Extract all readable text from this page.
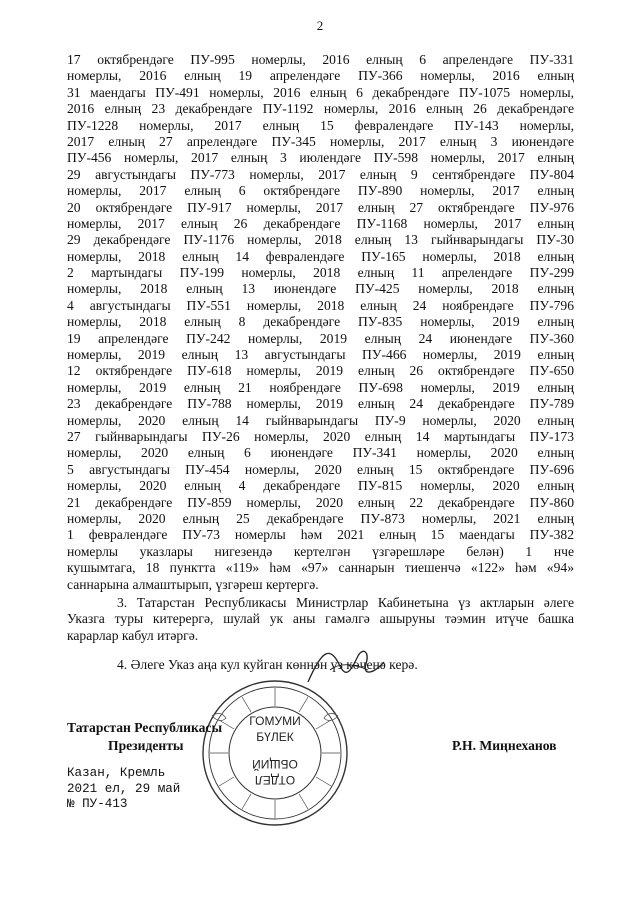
2
17 октябрендәге ПУ-995 номерлы, 2016 елның 6 апрелендәге ПУ-331
номерлы, 2016 елның 19 апрелендәге ПУ-366 номерлы, 2016 елның
31 маендагы ПУ-491 номерлы, 2016 елның 6 декабрендәге ПУ-1075 номерлы,
2016 елның 23 декабрендәге ПУ-1192 номерлы, 2016 елның 26 декабрендәге
ПУ-1228 номерлы, 2017 елның 15 февралендәге ПУ-143 номерлы,
2017 елның 27 апрелендәге ПУ-345 номерлы, 2017 елның 3 июнендәге
ПУ-456 номерлы, 2017 елның 3 июлендәге ПУ-598 номерлы, 2017 елның
29 августындагы ПУ-773 номерлы, 2017 елның 9 сентябрендәге ПУ-804
номерлы, 2017 елның 6 октябрендәге ПУ-890 номерлы, 2017 елның
20 октябрендәге ПУ-917 номерлы, 2017 елның 27 октябрендәге ПУ-976
номерлы, 2017 елның 26 декабрендәге ПУ-1168 номерлы, 2017 елның
29 декабрендәге ПУ-1176 номерлы, 2018 елның 13 гыйнварындагы ПУ-30
номерлы, 2018 елның 14 февралендәге ПУ-165 номерлы, 2018 елның
2 мартындагы ПУ-199 номерлы, 2018 елның 11 апрелендәге ПУ-299
номерлы, 2018 елның 13 июнендәге ПУ-425 номерлы, 2018 елның
4 августындагы ПУ-551 номерлы, 2018 елның 24 ноябрендәге ПУ-796
номерлы, 2018 елның 8 декабрендәге ПУ-835 номерлы, 2019 елның
19 апрелендәге ПУ-242 номерлы, 2019 елның 24 июнендәге ПУ-360
номерлы, 2019 елның 13 августындагы ПУ-466 номерлы, 2019 елның
12 октябрендәге ПУ-618 номерлы, 2019 елның 26 октябрендәге ПУ-650
номерлы, 2019 елның 21 ноябрендәге ПУ-698 номерлы, 2019 елның
23 декабрендәге ПУ-788 номерлы, 2019 елның 24 декабрендәге ПУ-789
номерлы, 2020 елның 14 гыйнварындагы ПУ-9 номерлы, 2020 елның
27 гыйнварындагы ПУ-26 номерлы, 2020 елның 14 мартындагы ПУ-173
номерлы, 2020 елның 6 июнендәге ПУ-341 номерлы, 2020 елның
5 августындагы ПУ-454 номерлы, 2020 елның 15 октябрендәге ПУ-696
номерлы, 2020 елның 4 декабрендәге ПУ-815 номерлы, 2020 елның
21 декабрендәге ПУ-859 номерлы, 2020 елның 22 декабрендәге ПУ-860
номерлы, 2020 елның 25 декабрендәге ПУ-873 номерлы, 2021 елның
1 февралендәге ПУ-73 номерлы һәм 2021 елның 15 маендагы ПУ-382
номерлы указлары нигезендә кертелгән үзгәрешләре белән) 1 нче
кушымтага, 18 пунктта «119» һәм «97» саннарын тиешенчә «122» һәм «94»
саннарына алмаштырып, үзгәреш кертергә.
3. Татарстан Республикасы Министрлар Кабинетына үз актларын әлеге
Указга туры китерергә, шулай ук аны гамәлгә ашыруны тәэмин итүче башка
карарлар кабул итәргә.
4. Әлеге Указ аңа кул куйган көннән үз көченә керә.
ГОМУМИ
БҮЛЕК
ОТДЕЛ
ОБЩИЙ
Татарстан Республикасы
Президенты	Р.Н. Миңнеханов
Казан, Кремль
2021 ел, 29 май
№ ПУ-413
